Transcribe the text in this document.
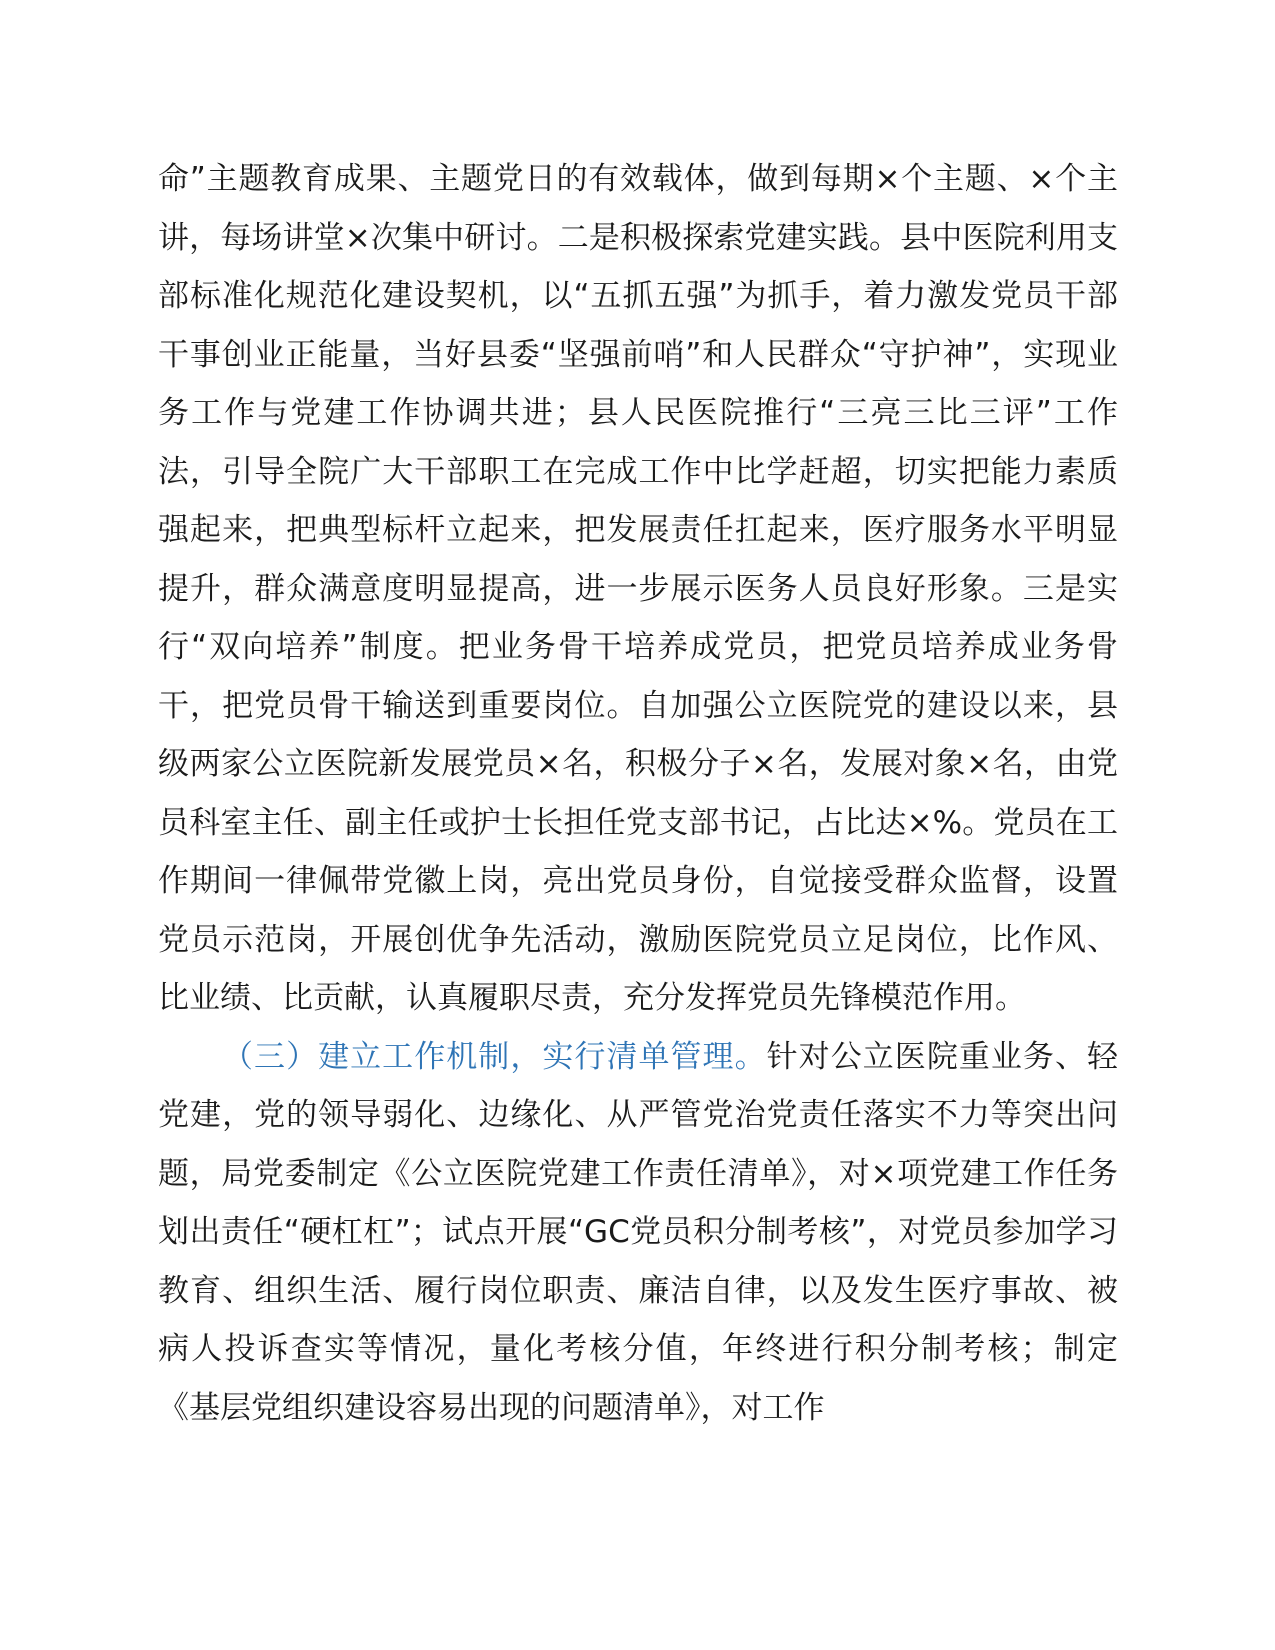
命”主题教育成果、主题党日的有效载体，做到每期×个主题、×个主讲，每场讲堂×次集中研讨。二是积极探索党建实践。县中医院利用支部标准化规范化建设契机，以“五抓五强”为抓手，着力激发党员干部干事创业正能量，当好县委“坚强前哨”和人民群众“守护神”，实现业务工作与党建工作协调共进；县人民医院推行“三亮三比三评”工作法，引导全院广大干部职工在完成工作中比学赶超，切实把能力素质强起来，把典型标杆立起来，把发展责任扛起来，医疗服务水平明显提升，群众满意度明显提高，进一步展示医务人员良好形象。三是实行“双向培养”制度。把业务骨干培养成党员，把党员培养成业务骨干，把党员骨干输送到重要岗位。自加强公立医院党的建设以来，县级两家公立医院新发展党员×名，积极分子×名，发展对象×名，由党员科室主任、副主任或护士长担任党支部书记，占比达×%。党员在工作期间一律佩带党徽上岗，亮出党员身份，自觉接受群众监督，设置党员示范岗，开展创优争先活动，激励医院党员立足岗位，比作风、比业绩、比贡献，认真履职尽责，充分发挥党员先锋模范作用。

（三）建立工作机制，实行清单管理。针对公立医院重业务、轻党建，党的领导弱化、边缘化、从严管党治党责任落实不力等突出问题，局党委制定《公立医院党建工作责任清单》，对×项党建工作任务划出责任“硬杠杠”；试点开展“GC党员积分制考核”，对党员参加学习教育、组织生活、履行岗位职责、廉洁自律，以及发生医疗事故、被病人投诉查实等情况，量化考核分值，年终进行积分制考核；制定《基层党组织建设容易出现的问题清单》，对工作
